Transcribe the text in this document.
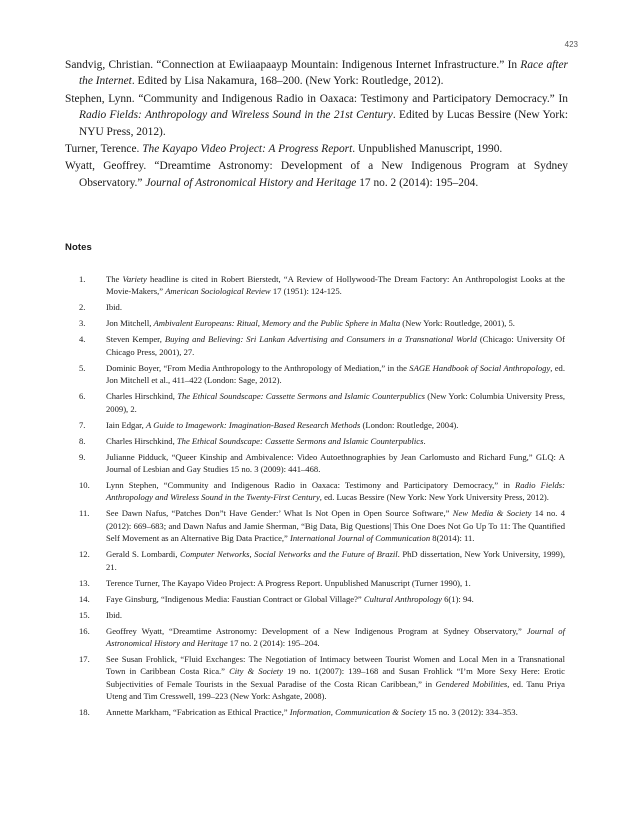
423

Sandvig, Christian. “Connection at Ewiiaapaayp Mountain: Indigenous Internet Infrastructure.” In Race after the Internet. Edited by Lisa Nakamura, 168–200. (New York: Routledge, 2012).

Stephen, Lynn. “Community and Indigenous Radio in Oaxaca: Testimony and Participatory Democracy.” In Radio Fields: Anthropology and Wireless Sound in the 21st Century. Edited by Lucas Bessire (New York: NYU Press, 2012).

Turner, Terence. The Kayapo Video Project: A Progress Report. Unpublished Manuscript, 1990.

Wyatt, Geoffrey. “Dreamtime Astronomy: Development of a New Indigenous Program at Sydney Observatory.” Journal of Astronomical History and Heritage 17 no. 2 (2014): 195–204.

Notes
1.	The Variety headline is cited in Robert Bierstedt, “A Review of Hollywood-The Dream Factory: An Anthropologist Looks at the Movie-Makers,” American Sociological Review 17 (1951): 124-125.
2.	Ibid.
3.	Jon Mitchell, Ambivalent Europeans: Ritual, Memory and the Public Sphere in Malta (New York: Routledge, 2001), 5.
4.	Steven Kemper, Buying and Believing: Sri Lankan Advertising and Consumers in a Transnational World (Chicago: University Of Chicago Press, 2001), 27.
5.	Dominic Boyer, “From Media Anthropology to the Anthropology of Mediation,” in the SAGE Handbook of Social Anthropology, ed. Jon Mitchell et al., 411–422 (London: Sage, 2012).
6.	Charles Hirschkind, The Ethical Soundscape: Cassette Sermons and Islamic Counterpublics (New York: Columbia University Press, 2009), 2.
7.	Iain Edgar, A Guide to Imagework: Imagination-Based Research Methods (London: Routledge, 2004).
8.	Charles Hirschkind, The Ethical Soundscape: Cassette Sermons and Islamic Counterpublics.
9.	Julianne Pidduck, “Queer Kinship and Ambivalence: Video Autoethnographies by Jean Carlomusto and Richard Fung,” GLQ: A Journal of Lesbian and Gay Studies 15 no. 3 (2009): 441–468.
10.	Lynn Stephen, “Community and Indigenous Radio in Oaxaca: Testimony and Participatory Democracy,” in Radio Fields: Anthropology and Wireless Sound in the Twenty-First Century, ed. Lucas Bessire (New York: New York University Press, 2012).
11.	See Dawn Nafus, “Patches Don”t Have Gender:’ What Is Not Open in Open Source Software,” New Media & Society 14 no. 4 (2012): 669–683; and Dawn Nafus and Jamie Sherman, “Big Data, Big Questions| This One Does Not Go Up To 11: The Quantified Self Movement as an Alternative Big Data Practice,” International Journal of Communication 8(2014): 11.
12.	Gerald S. Lombardi, Computer Networks, Social Networks and the Future of Brazil. PhD dissertation, New York University, 1999), 21.
13.	Terence Turner, The Kayapo Video Project: A Progress Report. Unpublished Manuscript (Turner 1990), 1.
14.	Faye Ginsburg, “Indigenous Media: Faustian Contract or Global Village?” Cultural Anthropology 6(1): 94.
15.	Ibid.
16.	Geoffrey Wyatt, “Dreamtime Astronomy: Development of a New Indigenous Program at Sydney Observatory,” Journal of Astronomical History and Heritage 17 no. 2 (2014): 195–204.
17.	See Susan Frohlick, “Fluid Exchanges: The Negotiation of Intimacy between Tourist Women and Local Men in a Transnational Town in Caribbean Costa Rica.” City & Society 19 no. 1(2007): 139–168 and Susan Frohlick “I’m More Sexy Here: Erotic Subjectivities of Female Tourists in the Sexual Paradise of the Costa Rican Caribbean,” in Gendered Mobilities, ed. Tanu Priya Uteng and Tim Cresswell, 199–223 (New York: Ashgate, 2008).
18.	Annette Markham, “Fabrication as Ethical Practice,” Information, Communication & Society 15 no. 3 (2012): 334–353.
